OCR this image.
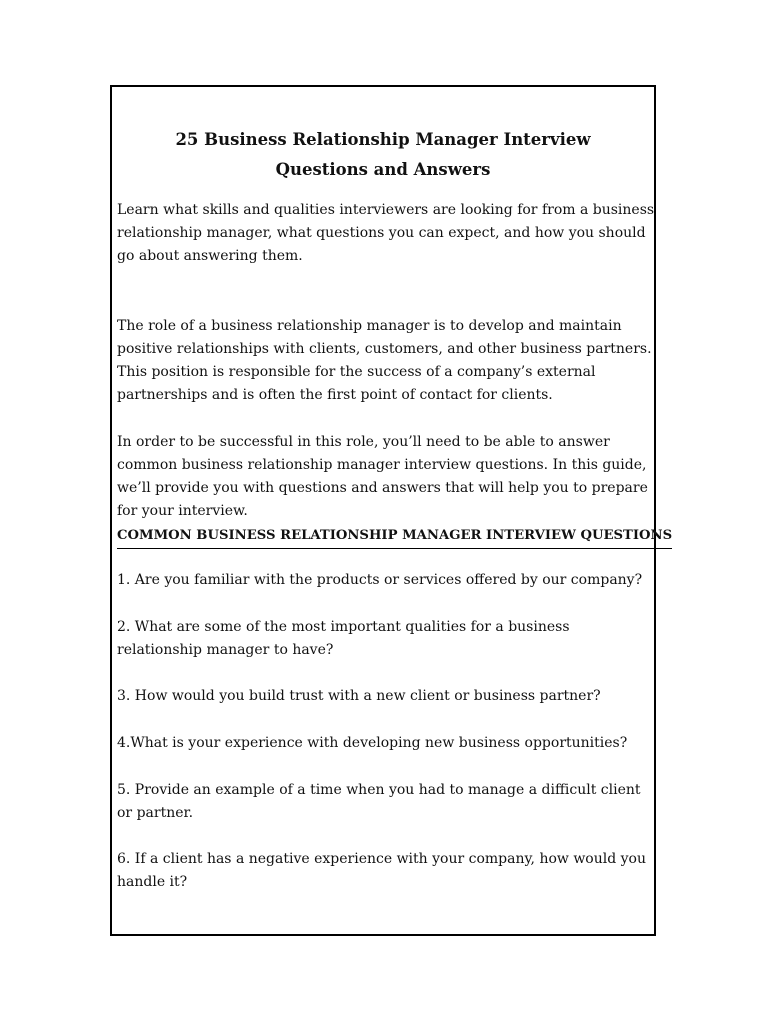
25 Business Relationship Manager Interview Questions and Answers

Learn what skills and qualities interviewers are looking for from a business relationship manager, what questions you can expect, and how you should go about answering them.

The role of a business relationship manager is to develop and maintain positive relationships with clients, customers, and other business partners. This position is responsible for the success of a company’s external partnerships and is often the first point of contact for clients.

In order to be successful in this role, you’ll need to be able to answer common business relationship manager interview questions. In this guide, we’ll provide you with questions and answers that will help you to prepare for your interview.

COMMON BUSINESS RELATIONSHIP MANAGER INTERVIEW QUESTIONS

1. Are you familiar with the products or services offered by our company?

2. What are some of the most important qualities for a business relationship manager to have?

3. How would you build trust with a new client or business partner?

4.What is your experience with developing new business opportunities?

5. Provide an example of a time when you had to manage a difficult client or partner.

6. If a client has a negative experience with your company, how would you handle it?
